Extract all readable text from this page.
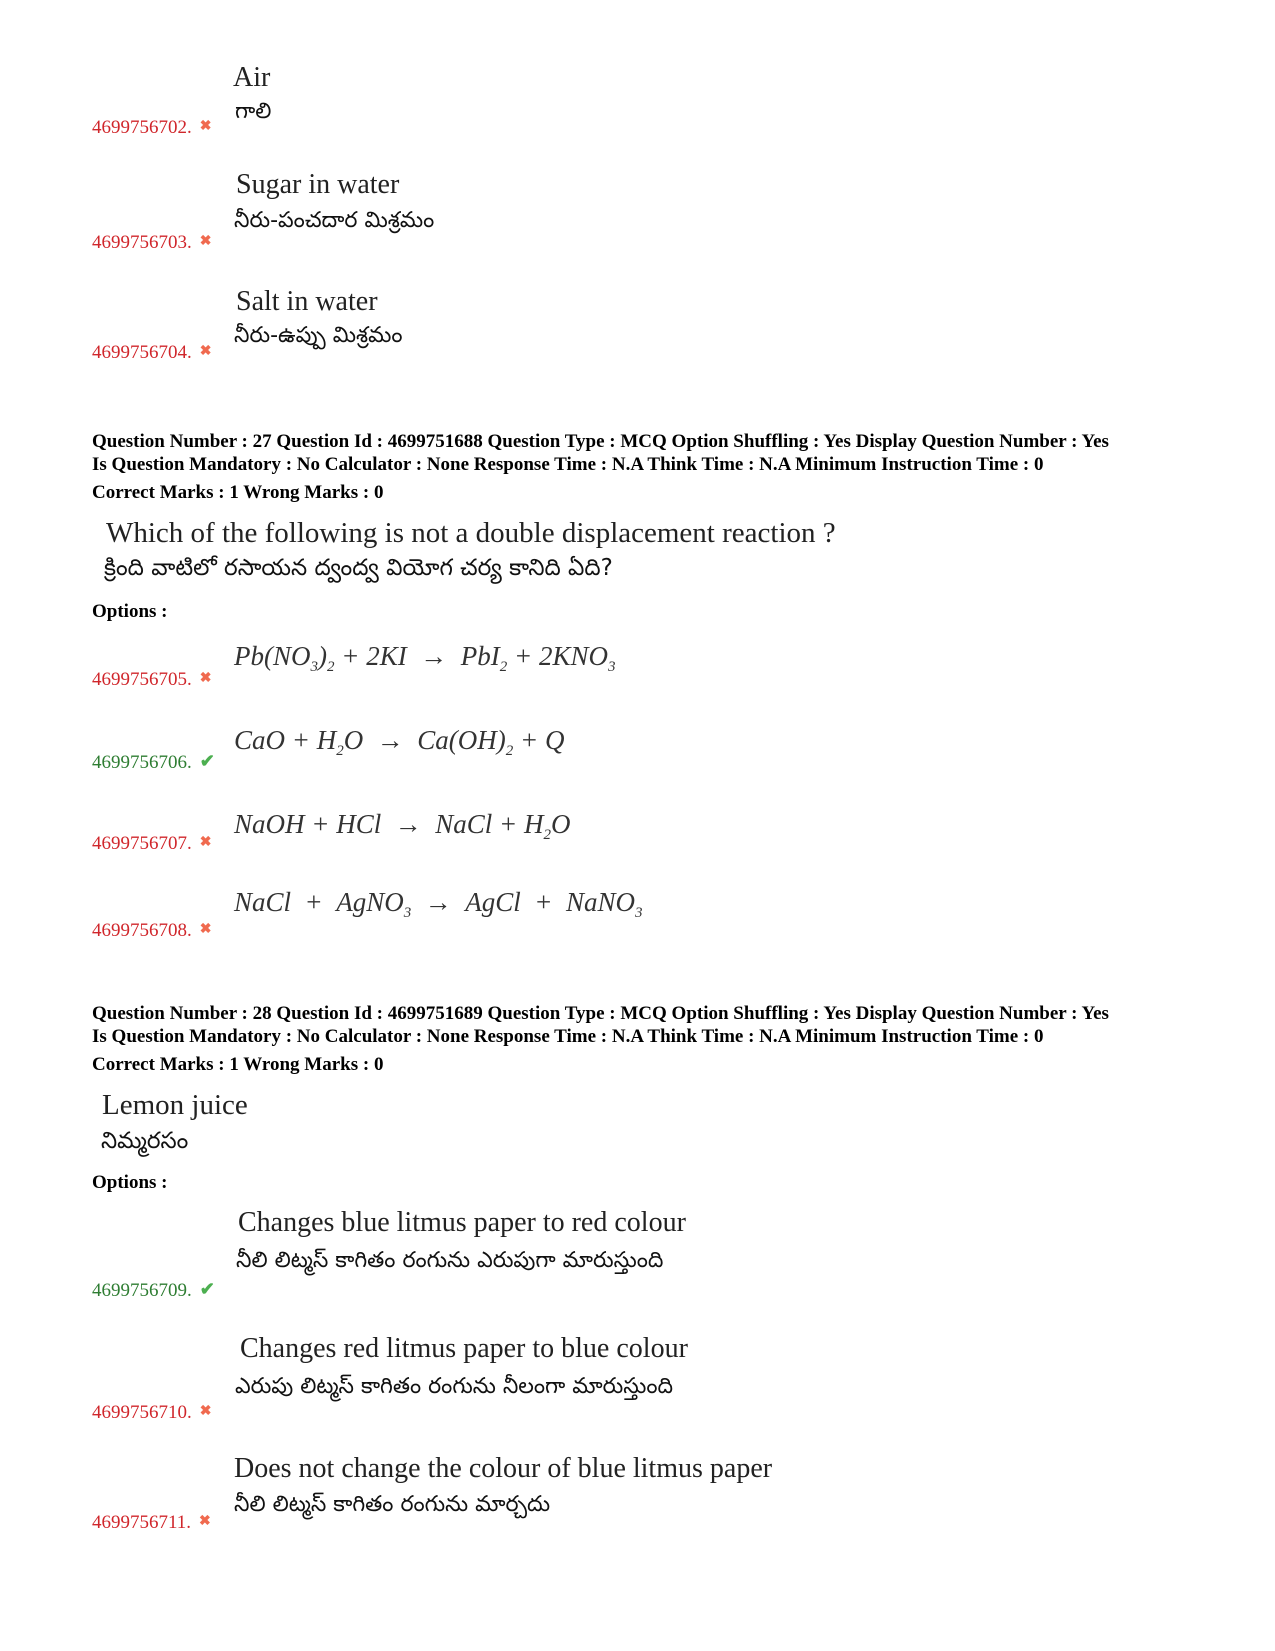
Air
గాలి
4699756702. ✖
Sugar in water
నీరు-పంచదార మిశ్రమం
4699756703. ✖
Salt in water
నీరు-ఉప్పు మిశ్రమం
4699756704. ✖
Question Number : 27 Question Id : 4699751688 Question Type : MCQ Option Shuffling : Yes Display Question Number : Yes
Is Question Mandatory : No Calculator : None Response Time : N.A Think Time : N.A Minimum Instruction Time : 0
Correct Marks : 1 Wrong Marks : 0
Which of the following is not a double displacement reaction ?
క్రింది వాటిలో రసాయన ద్వంద్వ వియోగ చర్య కానిది ఏది?
Options :
$Pb(NO_3)_2 + 2KI \to PbI_2 + 2KNO_3$
4699756705. ✖
CaO + $H_2O \to Ca(OH)_2 + Q$
4699756706. ✔
NaOH + HCl  →  NaCl + $H_2O$
4699756707. ✖
NaCl  +  AgNO$_3$  →  AgCl  +  NaNO$_3$
4699756708. ✖
Question Number : 28 Question Id : 4699751689 Question Type : MCQ Option Shuffling : Yes Display Question Number : Yes
Is Question Mandatory : No Calculator : None Response Time : N.A Think Time : N.A Minimum Instruction Time : 0
Correct Marks : 1 Wrong Marks : 0
Lemon juice
నిమ్మరసం
Options :
Changes blue litmus paper to red colour
నీలి లిట్మస్ కాగితం రంగును ఎరుపుగా మారుస్తుంది
4699756709. ✔
Changes red litmus paper to blue colour
ఎరుపు లిట్మస్ కాగితం రంగును నీలంగా మారుస్తుంది
4699756710. ✖
Does not change the colour of blue litmus paper
నీలి లిట్మస్ కాగితం రంగును మార్చదు
4699756711. ✖
